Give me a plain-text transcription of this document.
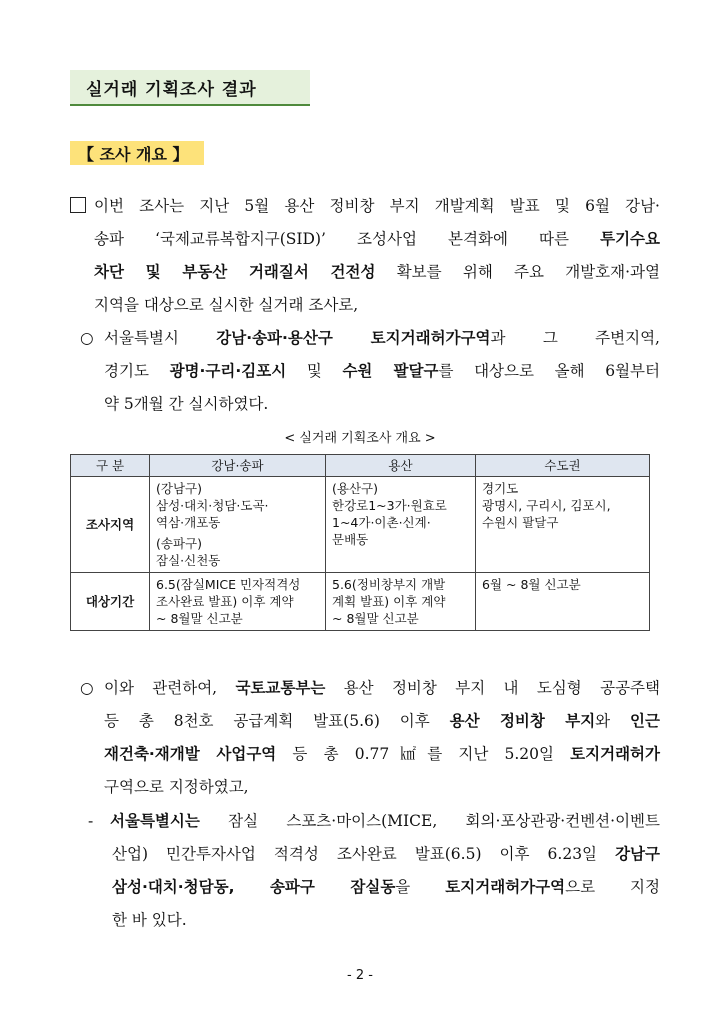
실거래 기획조사 결과
【 조사 개요 】
이번 조사는 지난 5월 용산 정비창 부지 개발계획 발표 및 6월 강남·
송파 ‘국제교류복합지구(SID)’ 조성사업 본격화에 따른 투기수요
차단 및 부동산 거래질서 건전성 확보를 위해 주요 개발호재·과열
지역을 대상으로 실시한 실거래 조사로,
○ 서울특별시 강남·송파·용산구 토지거래허가구역과 그 주변지역,
경기도 광명·구리·김포시 및 수원 팔달구를 대상으로 올해 6월부터
약 5개월 간 실시하였다.
< 실거래 기획조사 개요 >
구 분	강남·송파	용산	수도권
조사지역	(강남구)
삼성·대치·청담·도곡·
역삼·개포동
(송파구)
잠실·신천동	(용산구)
한강로1~3가·원효로
1~4가·이촌·신계·
문배동	경기도
광명시, 구리시, 김포시,
수원시 팔달구

대상기간	6.5(잠실MICE 민자적격성
조사완료 발표) 이후 계약
~ 8월말 신고분	5.6(정비창부지 개발
계획 발표) 이후 계약
~ 8월말 신고분	6월 ~ 8월 신고분
○ 이와 관련하여, 국토교통부는 용산 정비창 부지 내 도심형 공공주택
등 총 8천호 공급계획 발표(5.6) 이후 용산 정비창 부지와 인근
재건축·재개발 사업구역 등 총 0.77㎢를 지난 5.20일 토지거래허가
구역으로 지정하였고,
- 서울특별시는 잠실 스포츠·마이스(MICE, 회의·포상관광·컨벤션·이벤트
산업) 민간투자사업 적격성 조사완료 발표(6.5) 이후 6.23일 강남구
삼성·대치·청담동, 송파구 잠실동을 토지거래허가구역으로 지정
한 바 있다.
- 2 -
